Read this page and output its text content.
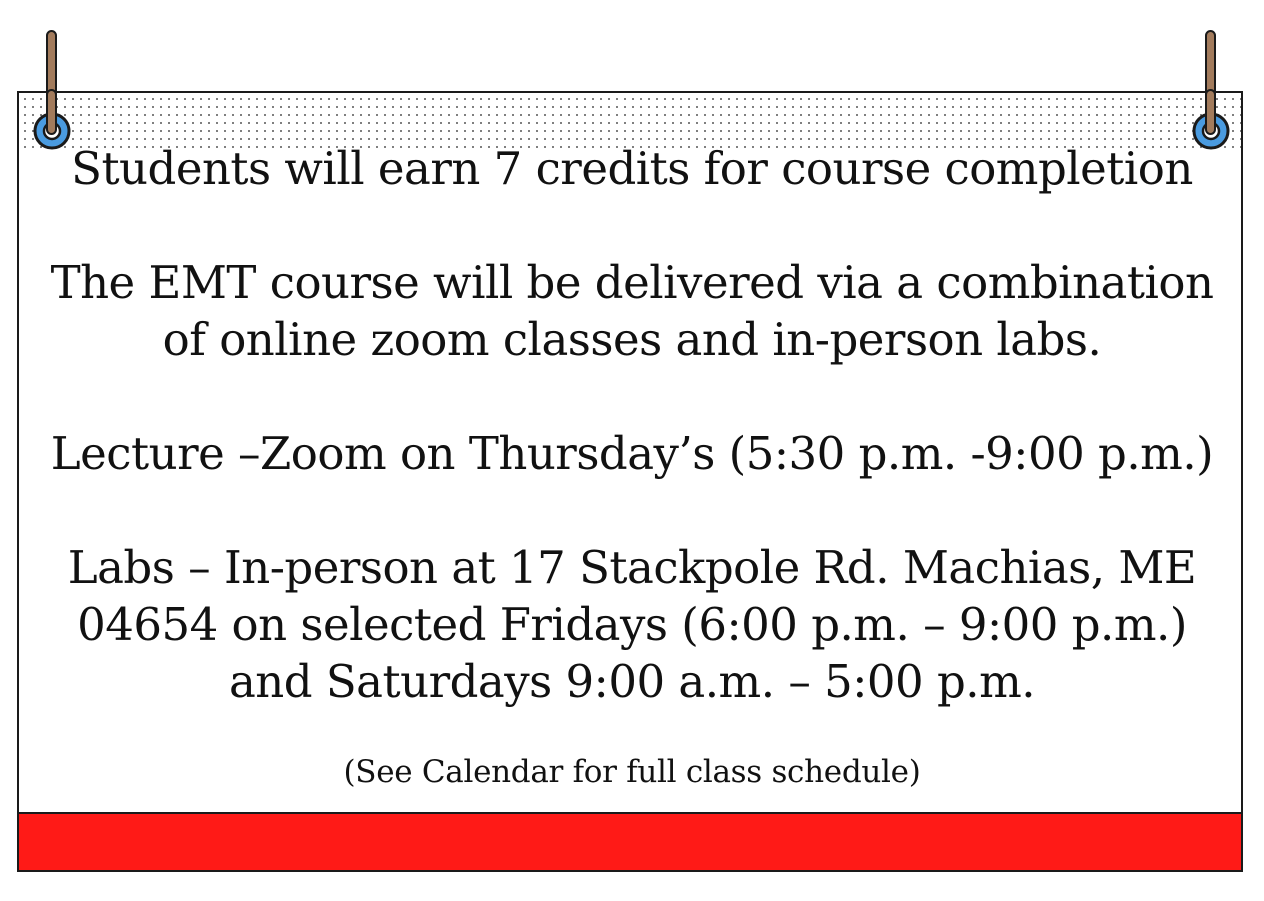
Students will earn 7 credits for course completion
The EMT course will be delivered via a combination
of online zoom classes and in-person labs.
Lecture –Zoom on Thursday’s (5:30 p.m. -9:00 p.m.)
Labs – In-person at 17 Stackpole Rd. Machias, ME
04654 on selected Fridays (6:00 p.m. – 9:00 p.m.)
and Saturdays 9:00 a.m. – 5:00 p.m.
(See Calendar for full class schedule)
